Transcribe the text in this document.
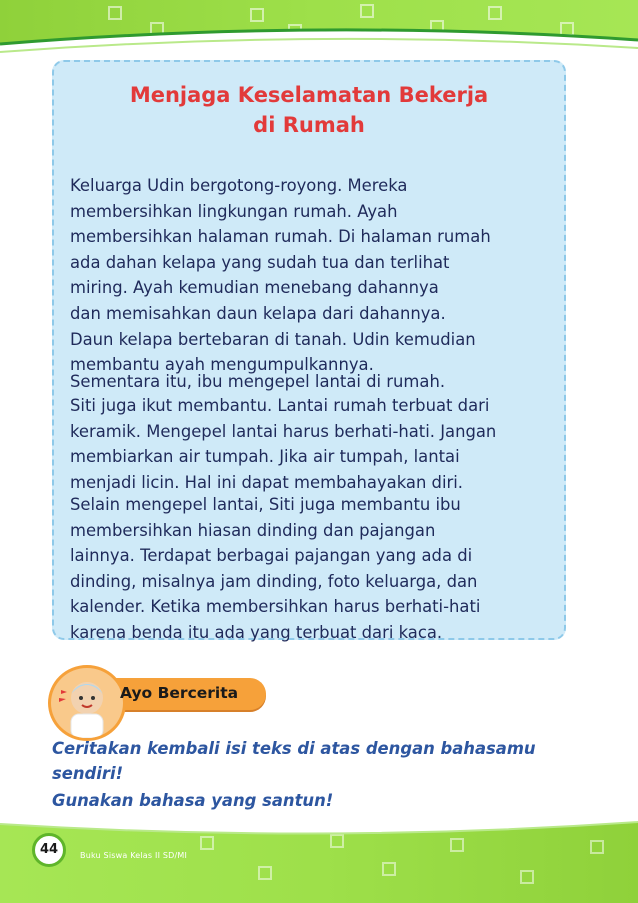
Menjaga Keselamatan Bekerja
di Rumah

Keluarga Udin bergotong-royong. Mereka
membersihkan lingkungan rumah. Ayah
membersihkan halaman rumah. Di halaman rumah
ada dahan kelapa yang sudah tua dan terlihat
miring. Ayah kemudian menebang dahannya
dan memisahkan daun kelapa dari dahannya.
Daun kelapa bertebaran di tanah. Udin kemudian
membantu ayah mengumpulkannya.

Sementara itu, ibu mengepel lantai di rumah.

Siti juga ikut membantu. Lantai rumah terbuat dari
keramik. Mengepel lantai harus berhati-hati. Jangan
membiarkan air tumpah. Jika air tumpah, lantai
menjadi licin. Hal ini dapat membahayakan diri.

Selain mengepel lantai, Siti juga membantu ibu
membersihkan hiasan dinding dan pajangan
lainnya. Terdapat berbagai pajangan yang ada di
dinding, misalnya jam dinding, foto keluarga, dan
kalender. Ketika membersihkan harus berhati-hati
karena benda itu ada yang terbuat dari kaca.

Ayo Bercerita

Ceritakan kembali isi teks di atas dengan bahasamu
sendiri!

Gunakan bahasa yang santun!

44	Buku Siswa Kelas II SD/MI
